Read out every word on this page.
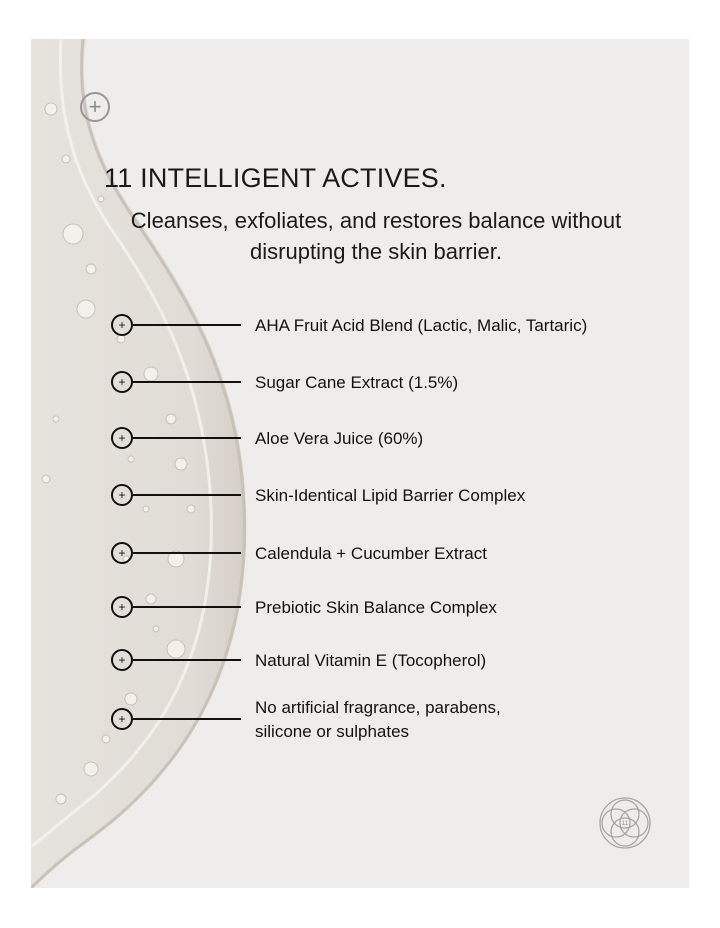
+
11 INTELLIGENT ACTIVES.

Cleanses, exfoliates, and restores balance without disrupting the skin barrier.

+	AHA Fruit Acid Blend (Lactic, Malic, Tartaric)
+	Sugar Cane Extract (1.5%)
+	Aloe Vera Juice (60%)
+	Skin-Identical Lipid Barrier Complex
+	Calendula + Cucumber Extract
+	Prebiotic Skin Balance Complex
+	Natural Vitamin E (Tocopherol)
+
No artificial fragrance, parabens,
silicone or sulphates
11
